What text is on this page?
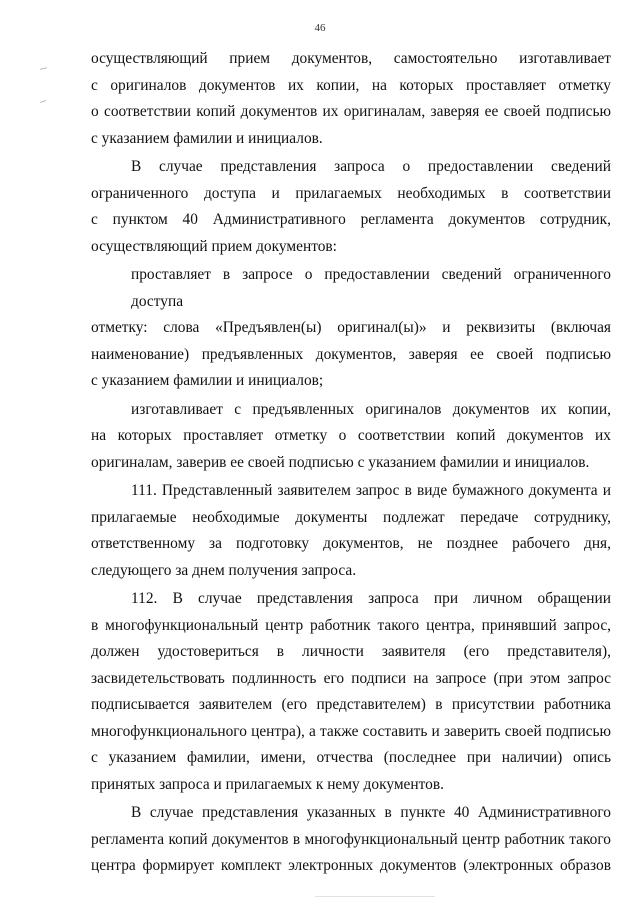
46
осуществляющий прием документов, самостоятельно изготавливает
с оригиналов документов их копии, на которых проставляет отметку
о соответствии копий документов их оригиналам, заверяя ее своей подписью
с указанием фамилии и инициалов.
В случае представления запроса о предоставлении сведений
ограниченного доступа и прилагаемых необходимых в соответствии
с пунктом 40 Административного регламента документов сотрудник,
осуществляющий прием документов:
проставляет в запросе о предоставлении сведений ограниченного доступа
отметку: слова «Предъявлен(ы) оригинал(ы)» и реквизиты (включая
наименование) предъявленных документов, заверяя ее своей подписью
с указанием фамилии и инициалов;
изготавливает с предъявленных оригиналов документов их копии,
на которых проставляет отметку о соответствии копий документов их
оригиналам, заверив ее своей подписью с указанием фамилии и инициалов.
111. Представленный заявителем запрос в виде бумажного документа и
прилагаемые необходимые документы подлежат передаче сотруднику,
ответственному за подготовку документов, не позднее рабочего дня,
следующего за днем получения запроса.
112. В случае представления запроса при личном обращении
в многофункциональный центр работник такого центра, принявший запрос,
должен удостовериться в личности заявителя (его представителя),
засвидетельствовать подлинность его подписи на запросе (при этом запрос
подписывается заявителем (его представителем) в присутствии работника
многофункционального центра), а также составить и заверить своей подписью
с указанием фамилии, имени, отчества (последнее при наличии) опись
принятых запроса и прилагаемых к нему документов.
В случае представления указанных в пункте 40 Административного
регламента копий документов в многофункциональный центр работник такого
центра формирует комплект электронных документов (электронных образов
